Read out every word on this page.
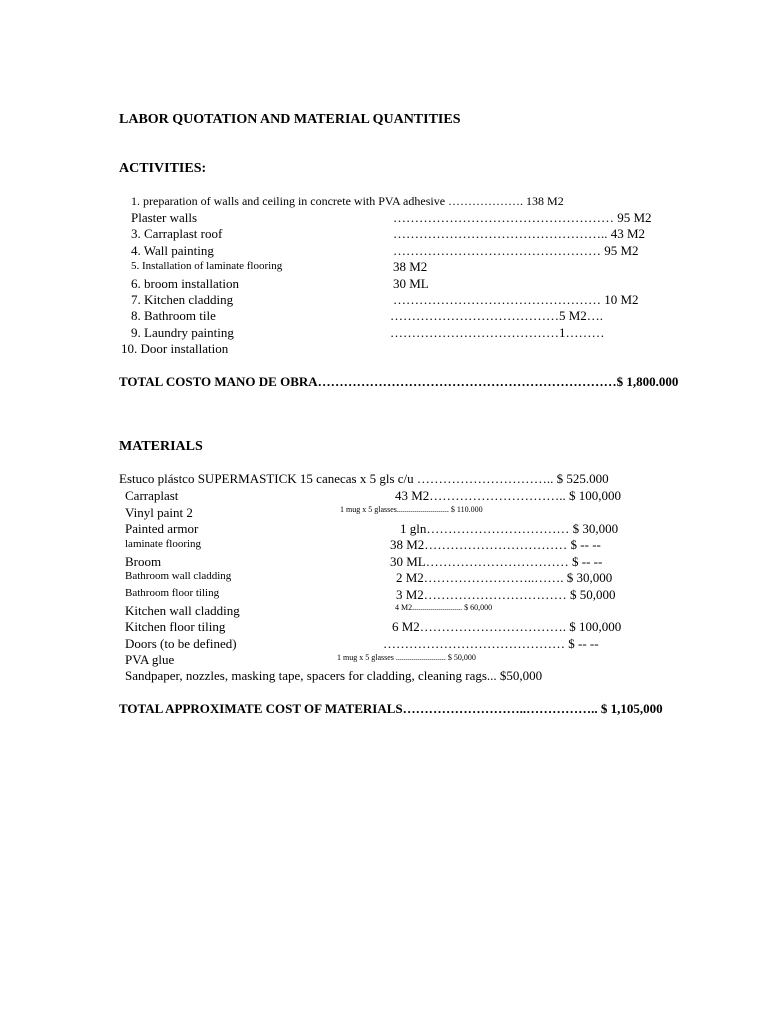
LABOR QUOTATION AND MATERIAL QUANTITIES
ACTIVITIES:
1. preparation of walls and ceiling in concrete with PVA adhesive ………………. 138 M2
Plaster walls	…………………………………………… 95 M2
3. Carraplast roof	………………………………………….. 43 M2
4. Wall painting	………………………………………… 95 M2
5. Installation of laminate flooring	38 M2
6. broom installation	30 ML
7. Kitchen cladding	………………………………………… 10 M2
8. Bathroom tile	…………………………………5 M2….
9. Laundry painting	…………………………………1………
10. Door installation
TOTAL COSTO MANO DE OBRA……………………………………………………………$ 1,800.000
MATERIALS
Estuco plástco SUPERMASTICK 15 canecas x 5 gls c/u ………………………….. $ 525.000
Carraplast	43 M2………………………….. $ 100,000
Vinyl paint 2	1 mug x 5 glasses.......................... $ 110.000
Painted armor	1 gln…………………………… $ 30,000
laminate flooring	38 M2…………………………… $ -- --
Broom	30 ML…………………………… $ -- --
Bathroom wall cladding	2 M2……………………..……. $ 30,000
Bathroom floor tiling	3 M2…………………………… $ 50,000
Kitchen wall cladding	4 M2......................... $ 60,000
Kitchen floor tiling	6 M2……………………………. $ 100,000
Doors (to be defined)	…………………………………… $ -- --
PVA glue	1 mug x 5 glasses ......................... $ 50,000
Sandpaper, nozzles, masking tape, spacers for cladding, cleaning rags... $50,000
TOTAL APPROXIMATE COST OF MATERIALS………………………..…………….. $ 1,105,000
